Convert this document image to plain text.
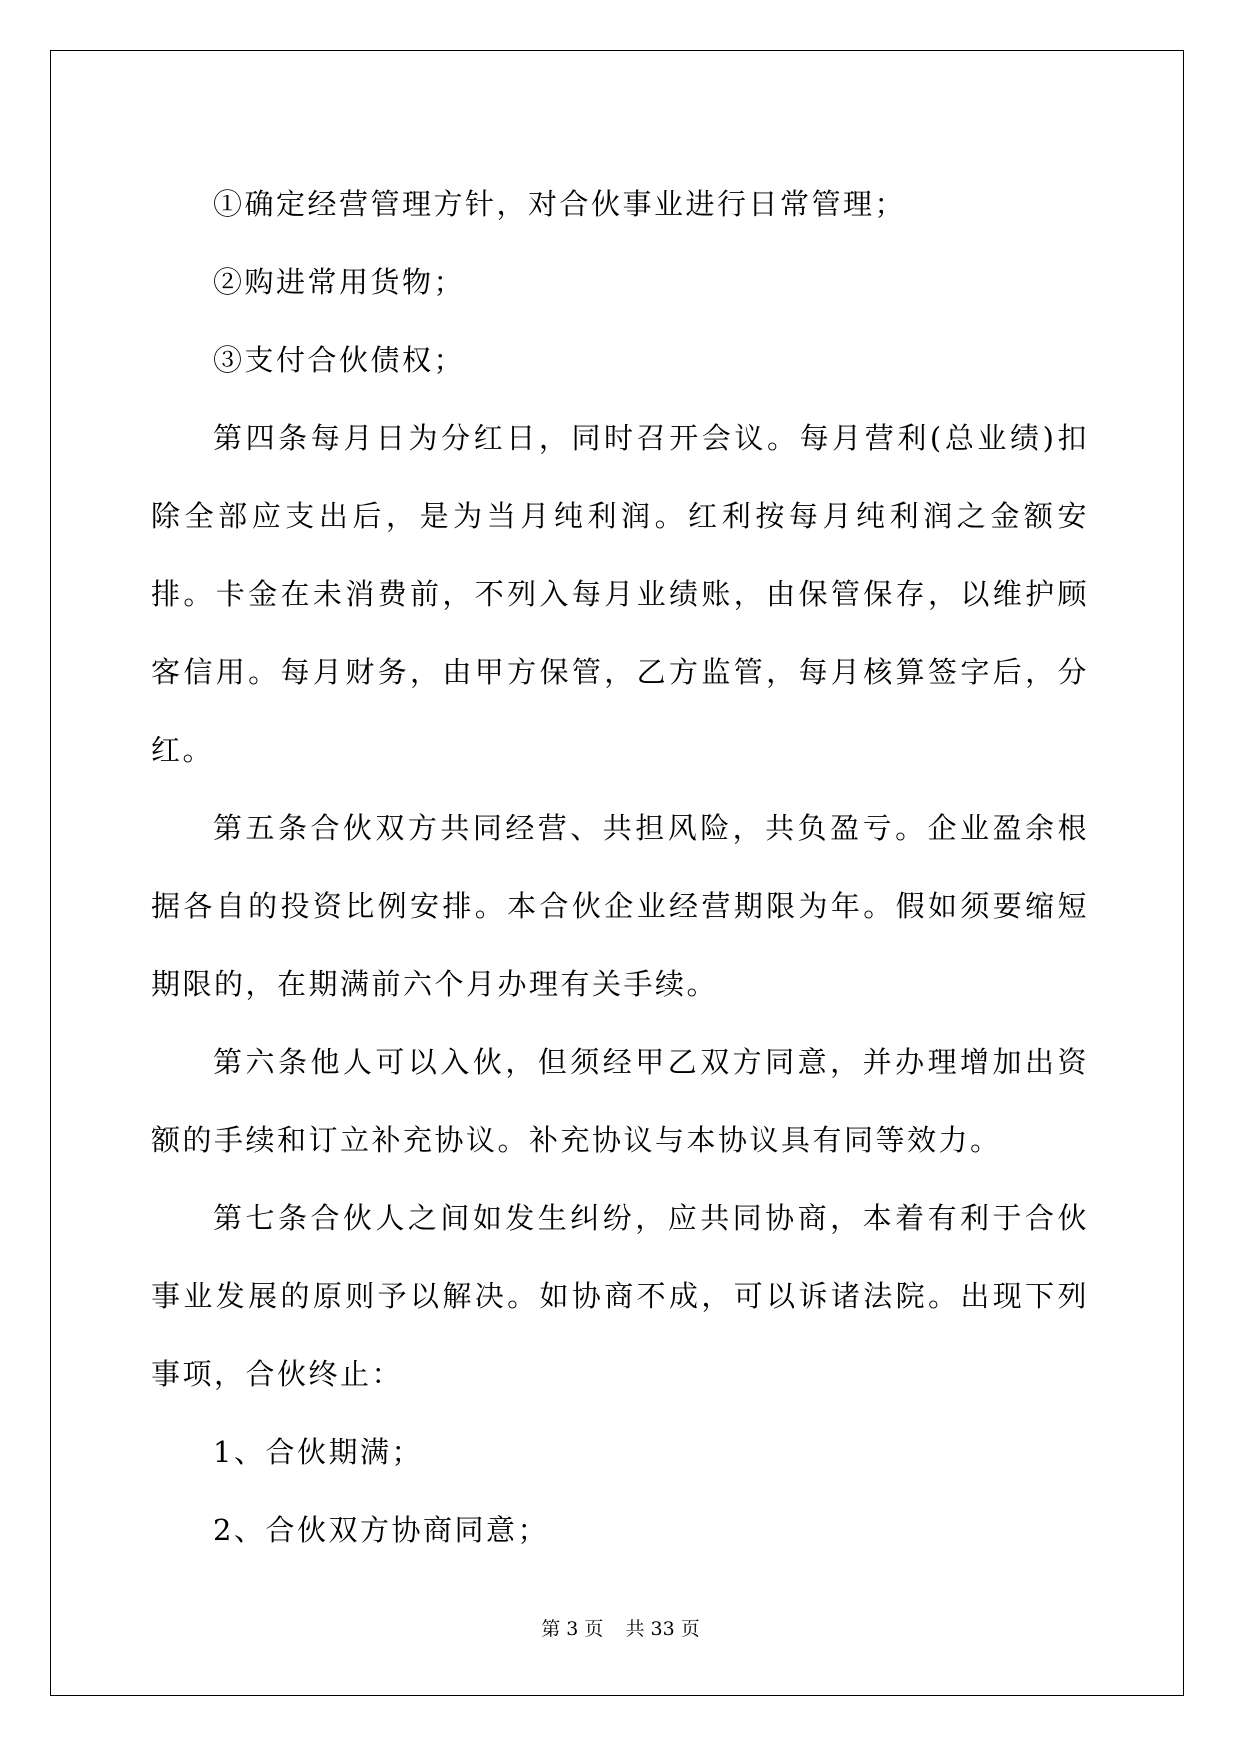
①确定经营管理方针，对合伙事业进行日常管理；

②购进常用货物；

③支付合伙债权；

第四条每月日为分红日，同时召开会议。每月营利(总业绩)扣除全部应支出后，是为当月纯利润。红利按每月纯利润之金额安排。卡金在未消费前，不列入每月业绩账，由保管保存，以维护顾客信用。每月财务，由甲方保管，乙方监管，每月核算签字后，分红。

第五条合伙双方共同经营、共担风险，共负盈亏。企业盈余根据各自的投资比例安排。本合伙企业经营期限为年。假如须要缩短期限的，在期满前六个月办理有关手续。

第六条他人可以入伙，但须经甲乙双方同意，并办理增加出资额的手续和订立补充协议。补充协议与本协议具有同等效力。

第七条合伙人之间如发生纠纷，应共同协商，本着有利于合伙事业发展的原则予以解决。如协商不成，可以诉诸法院。出现下列事项，合伙终止：

1、合伙期满；

2、合伙双方协商同意；

第 3 页 共 33 页
